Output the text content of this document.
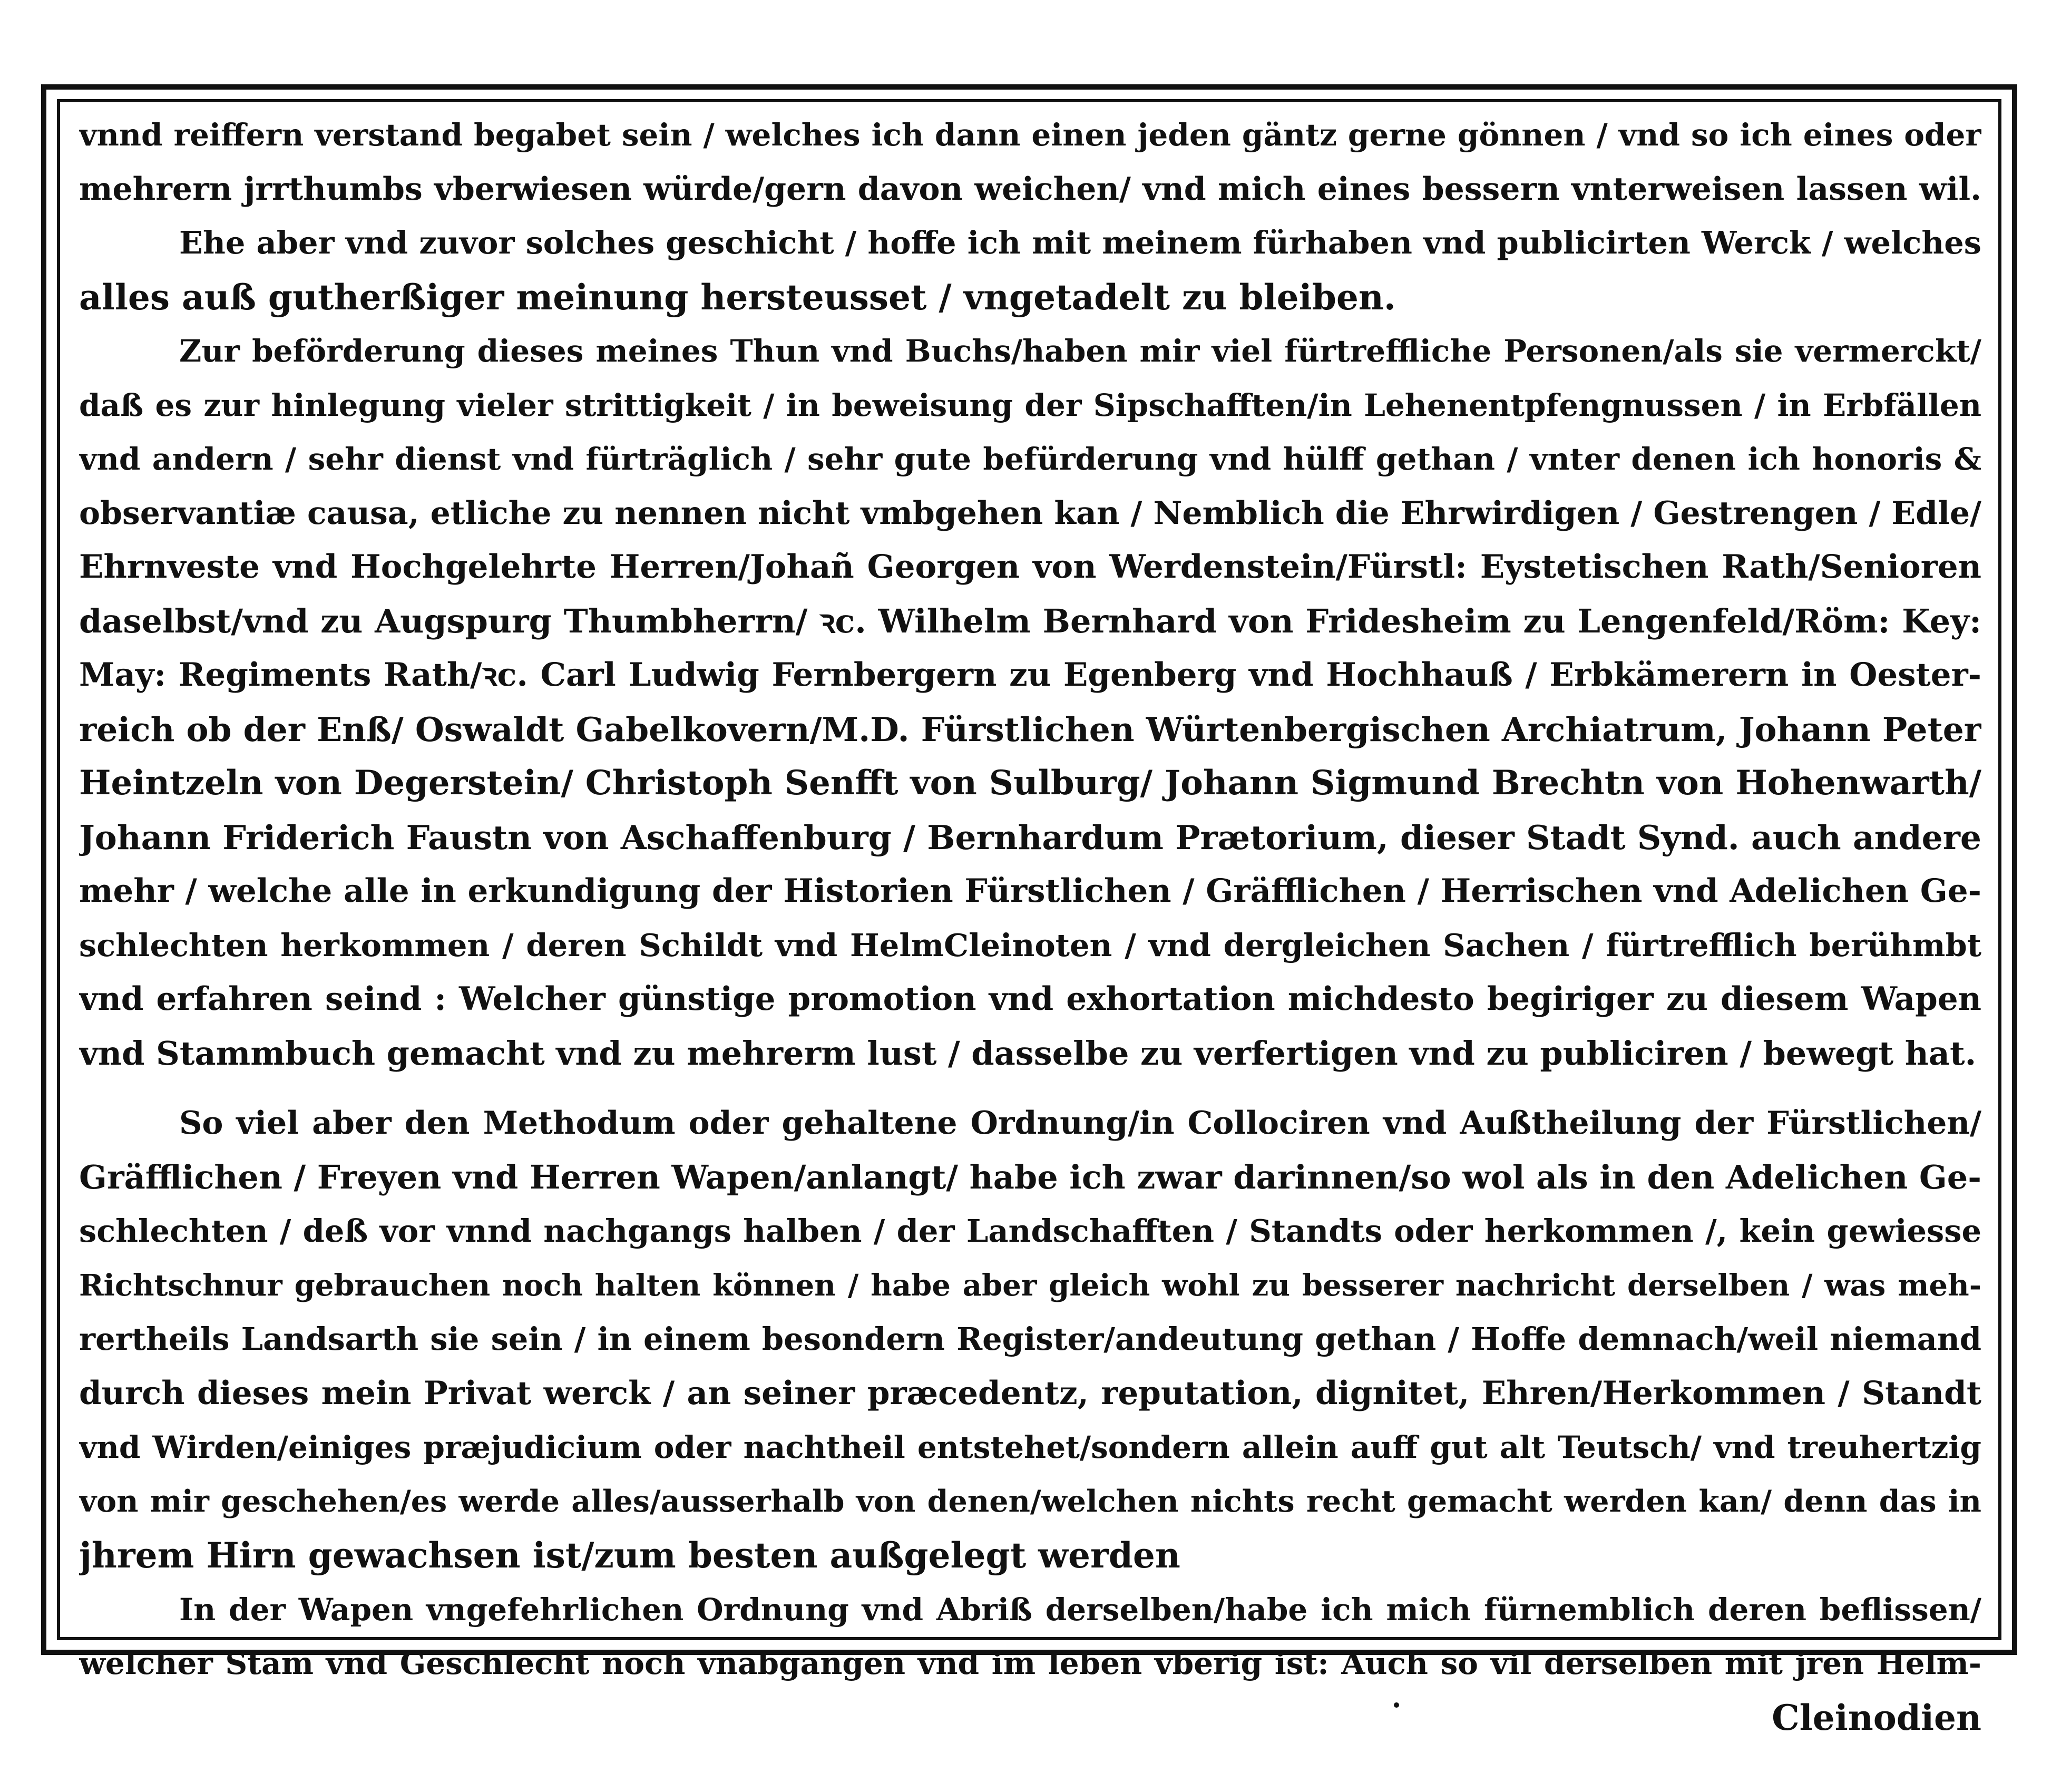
vnnd reiffern verstand begabet sein / welches ich dann einen jeden gäntz gerne gönnen / vnd so ich eines oder
mehrern jrrthumbs vberwiesen würde/gern davon weichen/ vnd mich eines bessern vnterweisen lassen wil.
Ehe aber vnd zuvor solches geschicht / hoffe ich mit meinem fürhaben vnd publicirten Werck / welches
alles auß gutherßiger meinung hersteusset / vngetadelt zu bleiben.
Zur beförderung dieses meines Thun vnd Buchs/haben mir viel fürtreffliche Personen/als sie vermerckt/
daß es zur hinlegung vieler strittigkeit / in beweisung der Sipschafften/in Lehenentpfengnussen / in Erbfällen
vnd andern / sehr dienst vnd fürträglich / sehr gute befürderung vnd hülff gethan / vnter denen ich honoris &
observantiæ causa, etliche zu nennen nicht vmbgehen kan / Nemblich die Ehrwirdigen / Gestrengen / Edle/
Ehrnveste vnd Hochgelehrte Herren/Johañ Georgen von Werdenstein/Fürstl: Eystetischen Rath/Senioren
daselbst/vnd zu Augspurg Thumbherrn/ ꝛc. Wilhelm Bernhard von Fridesheim zu Lengenfeld/Röm: Key:
May: Regiments Rath/ꝛc. Carl Ludwig Fernbergern zu Egenberg vnd Hochhauß / Erbkämerern in Oester-
reich ob der Enß/ Oswaldt Gabelkovern/M.D. Fürstlichen Würtenbergischen Archiatrum, Johann Peter
Heintzeln von Degerstein/ Christoph Senfft von Sulburg/ Johann Sigmund Brechtn von Hohenwarth/
Johann Friderich Faustn von Aschaffenburg / Bernhardum Prætorium, dieser Stadt Synd. auch andere
mehr / welche alle in erkundigung der Historien Fürstlichen / Gräfflichen / Herrischen vnd Adelichen Ge-
schlechten herkommen / deren Schildt vnd HelmCleinoten / vnd dergleichen Sachen / fürtrefflich berühmbt
vnd erfahren seind : Welcher günstige promotion vnd exhortation michdesto begiriger zu diesem Wapen
vnd Stammbuch gemacht vnd zu mehrerm lust / dasselbe zu verfertigen vnd zu publiciren / bewegt hat.
So viel aber den Methodum oder gehaltene Ordnung/in Collociren vnd Außtheilung der Fürstlichen/
Gräfflichen / Freyen vnd Herren Wapen/anlangt/ habe ich zwar darinnen/so wol als in den Adelichen Ge-
schlechten / deß vor vnnd nachgangs halben / der Landschafften / Standts oder herkommen /, kein gewiesse
Richtschnur gebrauchen noch halten können / habe aber gleich wohl zu besserer nachricht derselben / was meh-
rertheils Landsarth sie sein / in einem besondern Register/andeutung gethan / Hoffe demnach/weil niemand
durch dieses mein Privat werck / an seiner præcedentz, reputation, dignitet, Ehren/Herkommen / Standt
vnd Wirden/einiges præjudicium oder nachtheil entstehet/sondern allein auff gut alt Teutsch/ vnd treuhertzig
von mir geschehen/es werde alles/ausserhalb von denen/welchen nichts recht gemacht werden kan/ denn das in
jhrem Hirn gewachsen ist/zum besten außgelegt werden
In der Wapen vngefehrlichen Ordnung vnd Abriß derselben/habe ich mich fürnemblich deren beflissen/
welcher Stam vnd Geschlecht noch vnabgangen vnd im leben vberig ist: Auch so vil derselben mit jren Helm-
Cleinodien
